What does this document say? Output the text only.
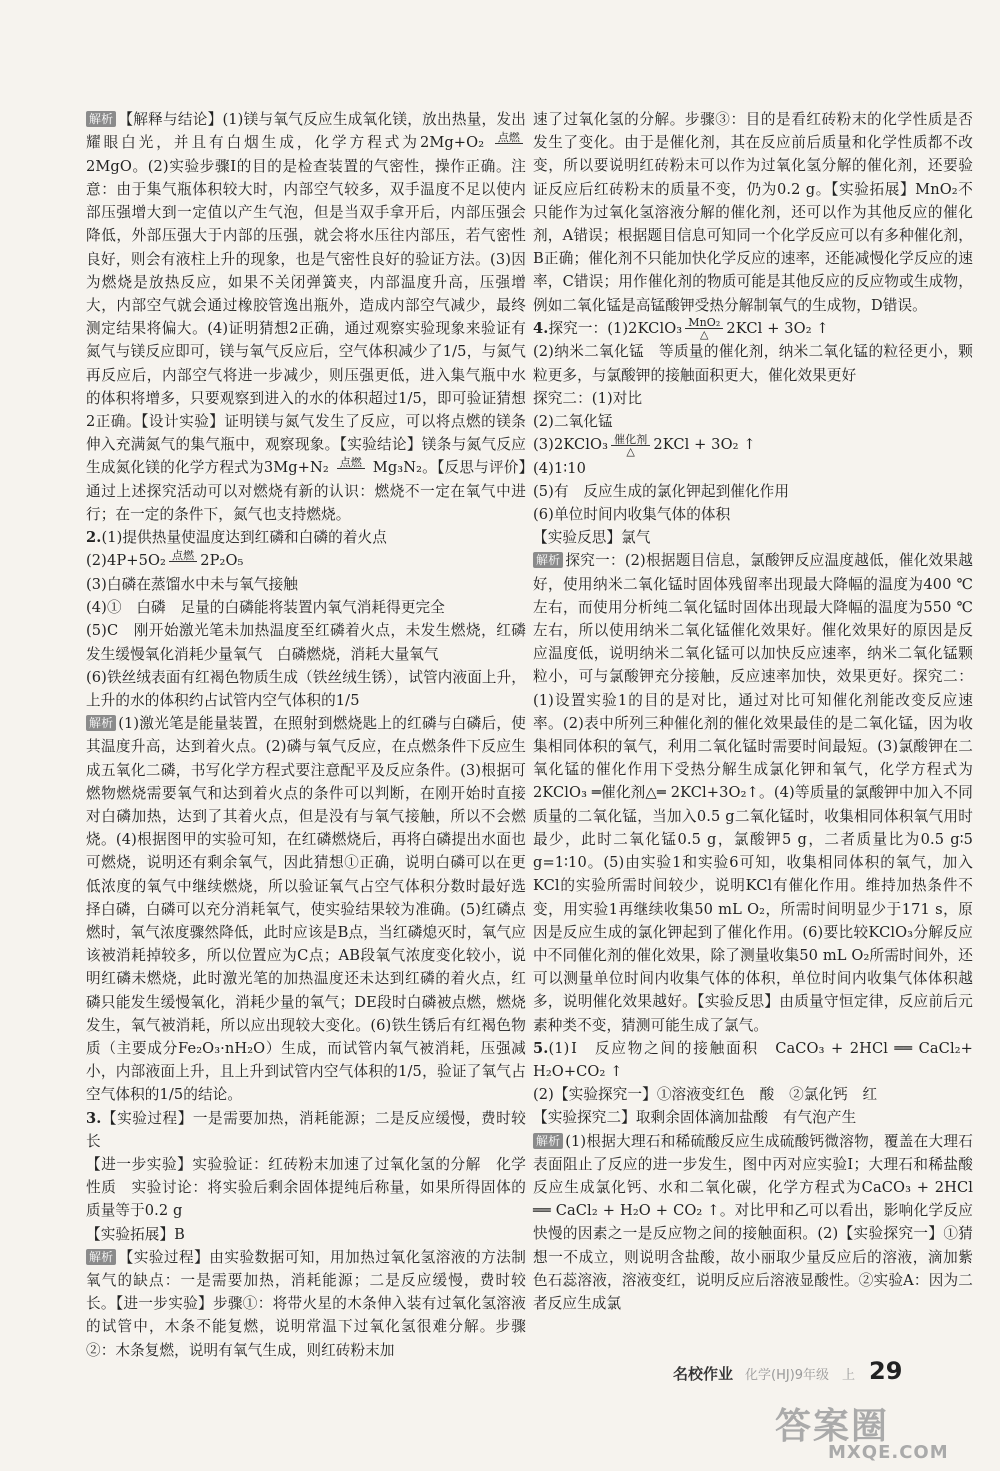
解析 【解释与结论】(1)镁与氧气反应生成氧化镁，放出热量，发出耀眼白光，并且有白烟生成，化学方程式为2Mg+O₂ 点燃

2MgO。(2)实验步骤Ⅰ的目的是检查装置的气密性，操作正确。注意：由于集气瓶体积较大时，内部空气较多，双手温度不足以使内部压强增大到一定值以产生气泡，但是当双手拿开后，内部压强会降低，外部压强大于内部的压强，就会将水压往内部压，若气密性良好，则会有液柱上升的现象，也是气密性良好的验证方法。(3)因为燃烧是放热反应，如果不关闭弹簧夹，内部温度升高，压强增大，内部空气就会通过橡胶管逸出瓶外，造成内部空气减少，最终测定结果将偏大。(4)证明猜想2正确，通过观察实验现象来验证有氮气与镁反应即可，镁与氧气反应后，空气体积减少了1/5，与氮气再反应后，内部空气将进一步减少，则压强更低，进入集气瓶中水的体积将增多，只要观察到进入的水的体积超过1/5，即可验证猜想2正确。【设计实验】证明镁与氮气发生了反应，可以将点燃的镁条伸入充满氮气的集气瓶中，观察现象。【实验结论】镁条与氮气反应生成氮化镁的化学方程式为3Mg+N₂ 点燃
Mg₃N₂。【反思与评价】通过上述探究活动可以对燃烧有新的认识：燃烧不一定在氧气中进行；在一定的条件下，氮气也支持燃烧。

2.(1)提供热量使温度达到红磷和白磷的着火点

(2)4P+5O₂ 点燃
2P₂O₅

(3)白磷在蒸馏水中未与氧气接触

(4)①　白磷　足量的白磷能将装置内氧气消耗得更完全

(5)C　刚开始激光笔未加热温度至红磷着火点，未发生燃烧，红磷发生缓慢氧化消耗少量氧气　白磷燃烧，消耗大量氧气

(6)铁丝绒表面有红褐色物质生成（铁丝绒生锈），试管内液面上升，上升的水的体积约占试管内空气体积的1/5

解析 (1)激光笔是能量装置，在照射到燃烧匙上的红磷与白磷后，使其温度升高，达到着火点。(2)磷与氧气反应，在点燃条件下反应生成五氧化二磷，书写化学方程式要注意配平及反应条件。(3)根据可燃物燃烧需要氧气和达到着火点的条件可以判断，在刚开始时直接对白磷加热，达到了其着火点，但是没有与氧气接触，所以不会燃烧。(4)根据图甲的实验可知，在红磷燃烧后，再将白磷提出水面也可燃烧，说明还有剩余氧气，因此猜想①正确，说明白磷可以在更低浓度的氧气中继续燃烧，所以验证氧气占空气体积分数时最好选择白磷，白磷可以充分消耗氧气，使实验结果较为准确。(5)红磷点燃时，氧气浓度骤然降低，此时应该是B点，当红磷熄灭时，氧气应该被消耗掉较多，所以位置应为C点；AB段氧气浓度变化较小，说明红磷未燃烧，此时激光笔的加热温度还未达到红磷的着火点，红磷只能发生缓慢氧化，消耗少量的氧气；DE段时白磷被点燃，燃烧发生，氧气被消耗，所以应出现较大变化。(6)铁生锈后有红褐色物质（主要成分Fe₂O₃·nH₂O）生成，而试管内氧气被消耗，压强减小，内部液面上升，且上升到试管内空气体积的1/5，验证了氧气占空气体积的1/5的结论。

3.【实验过程】一是需要加热，消耗能源；二是反应缓慢，费时较长

【进一步实验】实验验证：红砖粉末加速了过氧化氢的分解　化学性质　实验讨论：将实验后剩余固体提纯后称量，如果所得固体的质量等于0.2 g

【实验拓展】B

解析 【实验过程】由实验数据可知，用加热过氧化氢溶液的方法制氧气的缺点：一是需要加热，消耗能源；二是反应缓慢，费时较长。【进一步实验】步骤①：将带火星的木条伸入装有过氧化氢溶液的试管中，木条不能复燃，说明常温下过氧化氢很难分解。步骤②：木条复燃，说明有氧气生成，则红砖粉末加

速了过氧化氢的分解。步骤③：目的是看红砖粉末的化学性质是否发生了变化。由于是催化剂，其在反应前后质量和化学性质都不改变，所以要说明红砖粉末可以作为过氧化氢分解的催化剂，还要验证反应后红砖粉末的质量不变，仍为0.2 g。【实验拓展】MnO₂不只能作为过氧化氢溶液分解的催化剂，还可以作为其他反应的催化剂，A错误；根据题目信息可知同一个化学反应可以有多种催化剂，B正确；催化剂不只能加快化学反应的速率，还能减慢化学反应的速率，C错误；用作催化剂的物质可能是其他反应的反应物或生成物，例如二氧化锰是高锰酸钾受热分解制氧气的生成物，D错误。

4.探究一：(1)2KClO₃ $\frac{\text{MnO₂}}{\triangle} 2KCl + 3O_2$ ↑

(2)纳米二氧化锰　等质量的催化剂，纳米二氧化锰的粒径更小，颗粒更多，与氯酸钾的接触面积更大，催化效果更好

探究二：(1)对比

(2)二氧化锰

(3)2KClO₃ $\frac{\text{催化剂}}{\triangle} 2KCl + 3O_2$ ↑

(4)1∶10

(5)有　反应生成的氯化钾起到催化作用

(6)单位时间内收集气体的体积

【实验反思】氯气

解析 探究一：(2)根据题目信息，氯酸钾反应温度越低，催化效果越好，使用纳米二氧化锰时固体残留率出现最大降幅的温度为400 ℃左右，而使用分析纯二氧化锰时固体出现最大降幅的温度为550 ℃左右，所以使用纳米二氧化锰催化效果好。催化效果好的原因是反应温度低，说明纳米二氧化锰可以加快反应速率，纳米二氧化锰颗粒小，可与氯酸钾充分接触，反应速率加快，效果更好。探究二：(1)设置实验1的目的是对比，通过对比可知催化剂能改变反应速率。(2)表中所列三种催化剂的催化效果最佳的是二氧化锰，因为收集相同体积的氧气，利用二氧化锰时需要时间最短。(3)氯酸钾在二氧化锰的催化作用下受热分解生成氯化钾和氧气，化学方程式为2KClO₃ ═催化剂△═ 2KCl+3O₂↑。(4)等质量的氯酸钾中加入不同质量的二氧化锰，当加入0.5 g二氧化锰时，收集相同体积氧气用时最少，此时二氧化锰0.5 g，氯酸钾5 g，二者质量比为0.5 g∶5 g=1∶10。(5)由实验1和实验6可知，收集相同体积的氧气，加入KCl的实验所需时间较少，说明KCl有催化作用。维持加热条件不变，用实验1再继续收集50 mL O₂，所需时间明显少于171 s，原因是反应生成的氯化钾起到了催化作用。(6)要比较KClO₃分解反应中不同催化剂的催化效果，除了测量收集50 mL O₂所需时间外，还可以测量单位时间内收集气体的体积，单位时间内收集气体体积越多，说明催化效果越好。【实验反思】由质量守恒定律，反应前后元素种类不变，猜测可能生成了氯气。

5.(1)Ⅰ　反应物之间的接触面积　CaCO₃ + 2HCl ══ CaCl₂+ H₂O+CO₂ ↑

(2)【实验探究一】①溶液变红色　酸　②氯化钙　红

【实验探究二】取剩余固体滴加盐酸　有气泡产生

解析 (1)根据大理石和稀硫酸反应生成硫酸钙微溶物，覆盖在大理石表面阻止了反应的进一步发生，图中丙对应实验Ⅰ；大理石和稀盐酸反应生成氯化钙、水和二氧化碳，化学方程式为CaCO₃ + 2HCl ══ CaCl₂ + H₂O + CO₂ ↑。对比甲和乙可以看出，影响化学反应快慢的因素之一是反应物之间的接触面积。(2)【实验探究一】①猜想一不成立，则说明含盐酸，故小丽取少量反应后的溶液，滴加紫色石蕊溶液，溶液变红，说明反应后溶液显酸性。②实验A：因为二者反应生成氯

名校作业 化学(HJ)9年级　上 29
答案圈
MXQE.COM
